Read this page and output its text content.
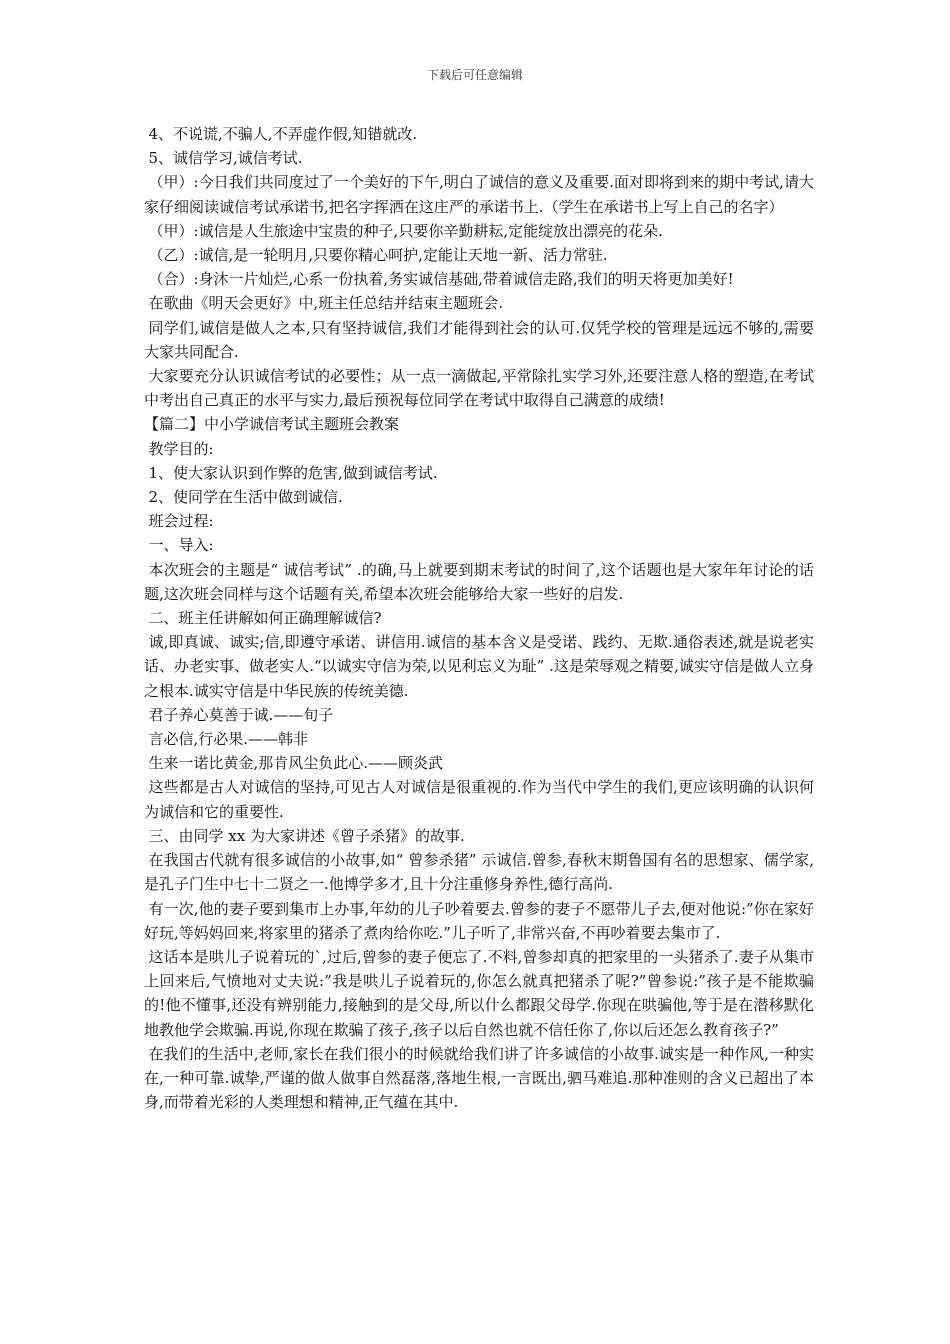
下载后可任意编辑

4、不说谎,不骗人,不弄虚作假,知错就改.

5、诚信学习,诚信考试.

（甲）:今日我们共同度过了一个美好的下午,明白了诚信的意义及重要.面对即将到来的期中考试,请大家仔细阅读诚信考试承诺书,把名字挥洒在这庄严的承诺书上.（学生在承诺书上写上自己的名字）

（甲）:诚信是人生旅途中宝贵的种子,只要你辛勤耕耘,定能绽放出漂亮的花朵.

（乙）:诚信,是一轮明月,只要你精心呵护,定能让天地一新、活力常驻.

（合）:身沐一片灿烂,心系一份执着,务实诚信基础,带着诚信走路,我们的明天将更加美好!

在歌曲《明天会更好》中,班主任总结并结束主题班会.

同学们,诚信是做人之本,只有坚持诚信,我们才能得到社会的认可.仅凭学校的管理是远远不够的,需要大家共同配合.

大家要充分认识诚信考试的必要性；从一点一滴做起,平常除扎实学习外,还要注意人格的塑造,在考试中考出自己真正的水平与实力,最后预祝每位同学在考试中取得自己满意的成绩!

【篇二】中小学诚信考试主题班会教案

教学目的:

1、使大家认识到作弊的危害,做到诚信考试.

2、使同学在生活中做到诚信.

班会过程:

一、导入:

本次班会的主题是“ 诚信考试” .的确,马上就要到期末考试的时间了,这个话题也是大家年年讨论的话题,这次班会同样与这个话题有关,希望本次班会能够给大家一些好的启发.

二、班主任讲解如何正确理解诚信?

诚,即真诚、诚实;信,即遵守承诺、讲信用.诚信的基本含义是受诺、践约、无欺.通俗表述,就是说老实话、办老实事、做老实人.“以诚实守信为荣,以见利忘义为耻” .这是荣辱观之精要,诚实守信是做人立身之根本.诚实守信是中华民族的传统美德.

君子养心莫善于诚.——旬子

言必信,行必果.——韩非

生来一诺比黄金,那肯风尘负此心.——顾炎武

这些都是古人对诚信的坚持,可见古人对诚信是很重视的.作为当代中学生的我们,更应该明确的认识何为诚信和它的重要性.

三、由同学 xx 为大家讲述《曾子杀猪》的故事.

在我国古代就有很多诚信的小故事,如“ 曾参杀猪” 示诚信.曾参,春秋末期鲁国有名的思想家、儒学家,是孔子门生中七十二贤之一.他博学多才,且十分注重修身养性,德行高尚.

有一次,他的妻子要到集市上办事,年幼的儿子吵着要去.曾参的妻子不愿带儿子去,便对他说:”你在家好好玩,等妈妈回来,将家里的猪杀了煮肉给你吃.”儿子听了,非常兴奋,不再吵着要去集市了.

这话本是哄儿子说着玩的`,过后,曾参的妻子便忘了.不料,曾参却真的把家里的一头猪杀了.妻子从集市上回来后,气愤地对丈夫说:”我是哄儿子说着玩的,你怎么就真把猪杀了呢?”曾参说:”孩子是不能欺骗的!他不懂事,还没有辨别能力,接触到的是父母,所以什么都跟父母学.你现在哄骗他,等于是在潜移默化地教他学会欺骗.再说,你现在欺骗了孩子,孩子以后自然也就不信任你了,你以后还怎么教育孩子?”

在我们的生活中,老师,家长在我们很小的时候就给我们讲了许多诚信的小故事.诚实是一种作风,一种实在,一种可靠.诚挚,严谨的做人做事自然磊落,落地生根,一言既出,驷马难追.那种准则的含义已超出了本身,而带着光彩的人类理想和精神,正气蕴在其中.
